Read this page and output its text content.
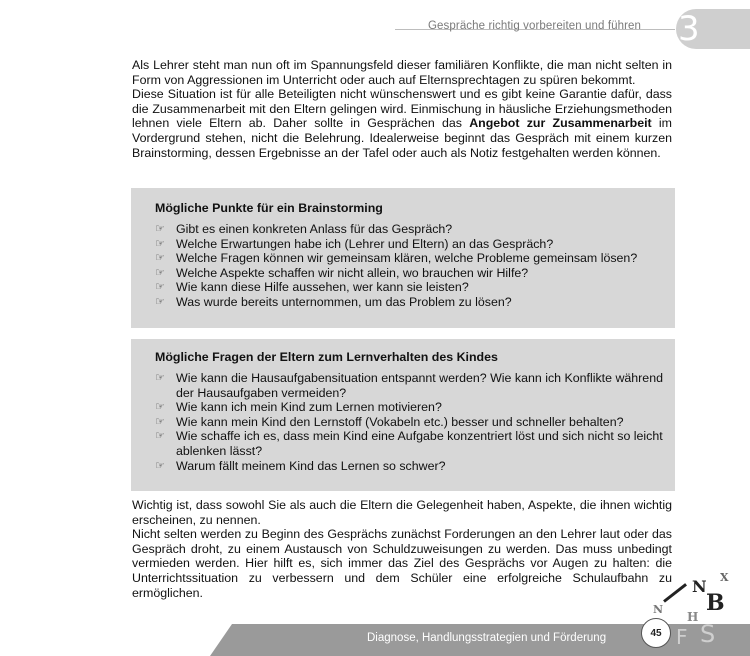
Gespräche richtig vorbereiten und führen 3

Als Lehrer steht man nun oft im Spannungsfeld dieser familiären Konflikte, die man nicht selten in Form von Aggressionen im Unterricht oder auch auf Elternsprechtagen zu spüren bekommt.

Diese Situation ist für alle Beteiligten nicht wünschenswert und es gibt keine Garantie dafür, dass die Zusammenarbeit mit den Eltern gelingen wird. Einmischung in häusliche Erziehungsmethoden lehnen viele Eltern ab. Daher sollte in Gesprächen das Angebot zur Zusammenarbeit im Vordergrund stehen, nicht die Belehrung. Idealerweise beginnt das Gespräch mit einem kurzen Brainstorming, dessen Ergebnisse an der Tafel oder auch als Notiz festgehalten werden können.

Mögliche Punkte für ein Brainstorming
☞ Gibt es einen konkreten Anlass für das Gespräch?
☞ Welche Erwartungen habe ich (Lehrer und Eltern) an das Gespräch?
☞ Welche Fragen können wir gemeinsam klären, welche Probleme gemeinsam lösen?
☞ Welche Aspekte schaffen wir nicht allein, wo brauchen wir Hilfe?
☞ Wie kann diese Hilfe aussehen, wer kann sie leisten?
☞ Was wurde bereits unternommen, um das Problem zu lösen?
Mögliche Fragen der Eltern zum Lernverhalten des Kindes
☞ Wie kann die Hausaufgabensituation entspannt werden? Wie kann ich Konflikte während der Hausaufgaben vermeiden?
☞ Wie kann ich mein Kind zum Lernen motivieren?
☞ Wie kann mein Kind den Lernstoff (Vokabeln etc.) besser und schneller behalten?
☞ Wie schaffe ich es, dass mein Kind eine Aufgabe konzentriert löst und sich nicht so leicht ablenken lässt?
☞ Warum fällt meinem Kind das Lernen so schwer?

Wichtig ist, dass sowohl Sie als auch die Eltern die Gelegenheit haben, Aspekte, die ihnen wichtig erscheinen, zu nennen.

Nicht selten werden zu Beginn des Gesprächs zunächst Forderungen an den Lehrer laut oder das Gespräch droht, zu einem Austausch von Schuldzuweisungen zu werden. Das muss unbedingt vermieden werden. Hier hilft es, sich immer das Ziel des Gesprächs vor Augen zu halten: die Unterrichtssituation zu verbessern und dem Schüler eine erfolgreiche Schulaufbahn zu ermöglichen.

Diagnose, Handlungsstrategien und Förderung	45
X
N
B
N
H
F S
